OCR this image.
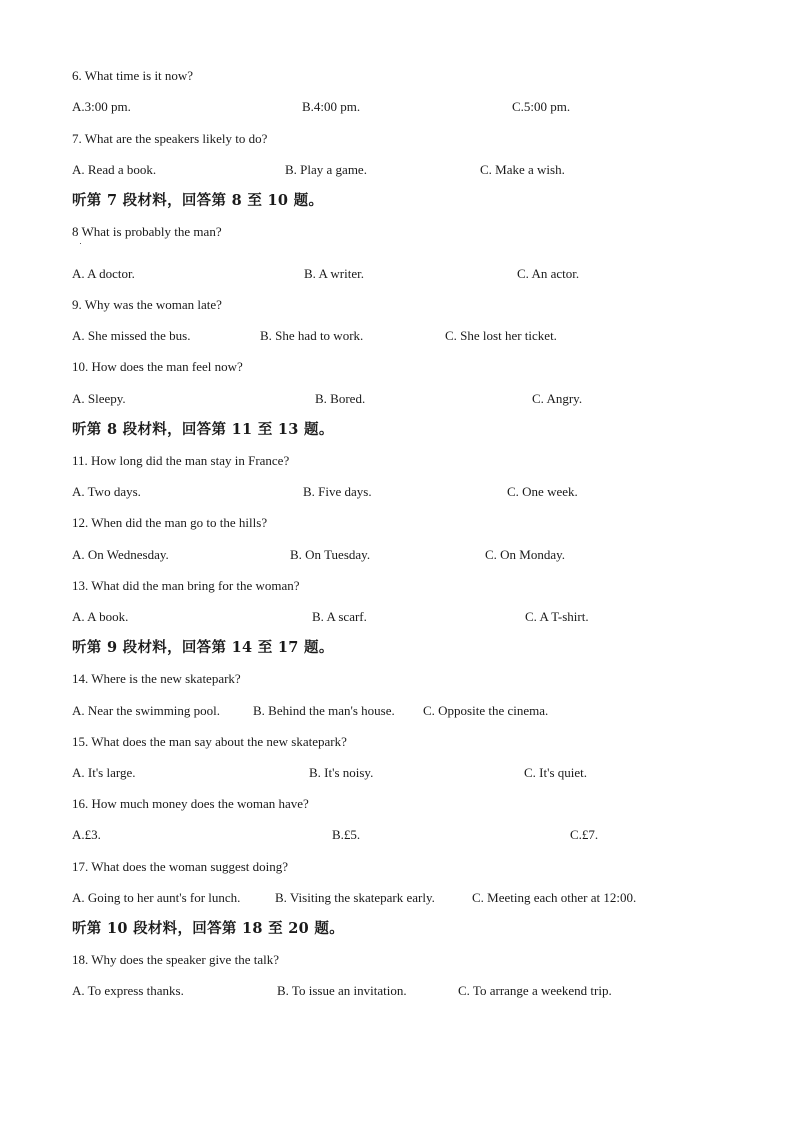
6. What time is it now?
A.3:00 pm.	B.4:00 pm.	C.5:00 pm.
7. What are the speakers likely to do?
A. Read a book.	B. Play a game.	C. Make a wish.
听第 7 段材料，回答第 8 至 10 题。
8 What is probably the man?
A. A doctor.	B. A writer.	C. An actor.
9. Why was the woman late?
A. She missed the bus.	B. She had to work.	C. She lost her ticket.
10. How does the man feel now?
A. Sleepy.	B. Bored.	C. Angry.
听第 8 段材料，回答第 11 至 13 题。
11. How long did the man stay in France?
A. Two days.	B. Five days.	C. One week.
12. When did the man go to the hills?
A. On Wednesday.	B. On Tuesday.	C. On Monday.
13. What did the man bring for the woman?
A. A book.	B. A scarf.	C. A T-shirt.
听第 9 段材料，回答第 14 至 17 题。
14. Where is the new skatepark?
A. Near the swimming pool.	B. Behind the man's house. C. Opposite the cinema.
15. What does the man say about the new skatepark?
A. It's large.	B. It's noisy.	C. It's quiet.
16. How much money does the woman have?
A.£3.	B.£5.	C.£7.
17. What does the woman suggest doing?
A. Going to her aunt's for lunch.	B. Visiting the skatepark early.	C. Meeting each other at 12:00.
听第 10 段材料，回答第 18 至 20 题。
18. Why does the speaker give the talk?
A. To express thanks.	B. To issue an invitation.	C. To arrange a weekend trip.
